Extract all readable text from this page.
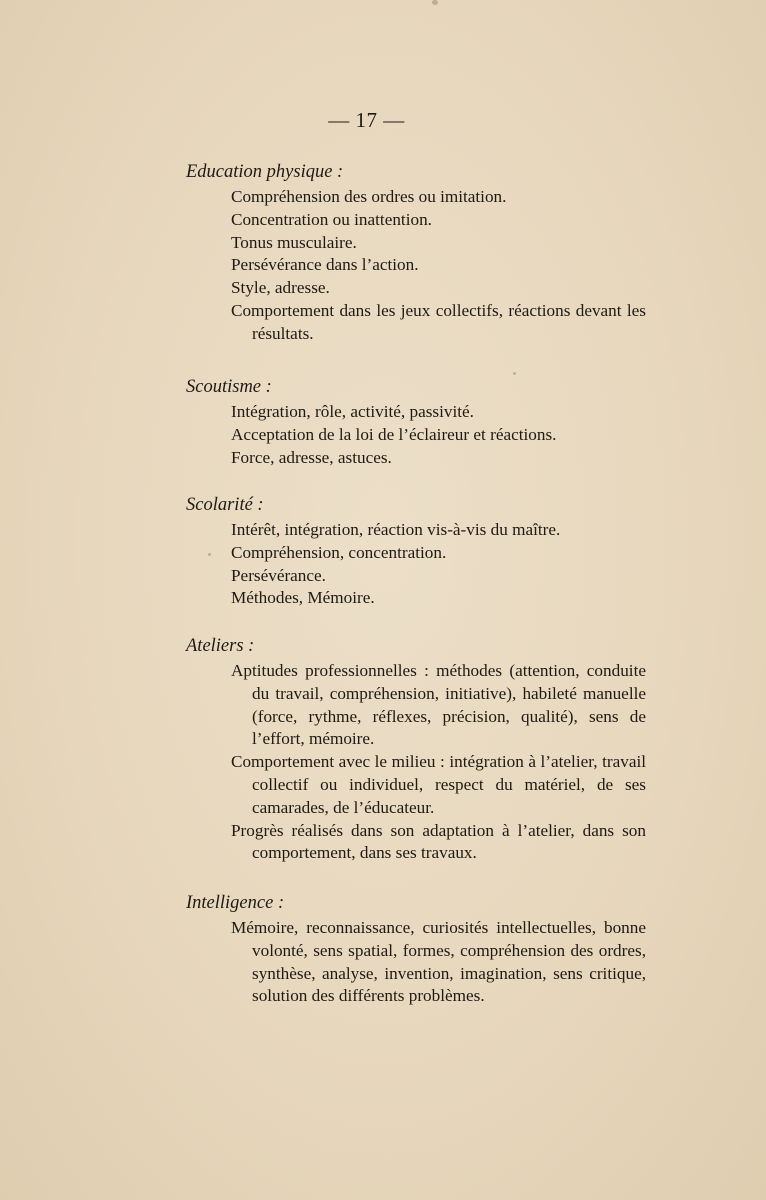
— 17 —
Education physique :
Compréhension des ordres ou imitation.
Concentration ou inattention.
Tonus musculaire.
Persévérance dans l’action.
Style, adresse.
Comportement dans les jeux collectifs, réactions devant les résultats.
Scoutisme :
Intégration, rôle, activité, passivité.
Acceptation de la loi de l’éclaireur et réactions.
Force, adresse, astuces.
Scolarité :
Intérêt, intégration, réaction vis-à-vis du maître.
Compréhension, concentration.
Persévérance.
Méthodes, Mémoire.
Ateliers :
Aptitudes professionnelles : méthodes (attention, conduite du travail, compréhension, initiative), habileté manuelle (force, rythme, réflexes, précision, qualité), sens de l’effort, mémoire.
Comportement avec le milieu : intégration à l’atelier, travail collectif ou individuel, respect du matériel, de ses camarades, de l’éducateur.
Progrès réalisés dans son adaptation à l’atelier, dans son comportement, dans ses travaux.
Intelligence :
Mémoire, reconnaissance, curiosités intellectuelles, bonne volonté, sens spatial, formes, compréhension des ordres, synthèse, analyse, invention, imagination, sens critique, solution des différents problèmes.
